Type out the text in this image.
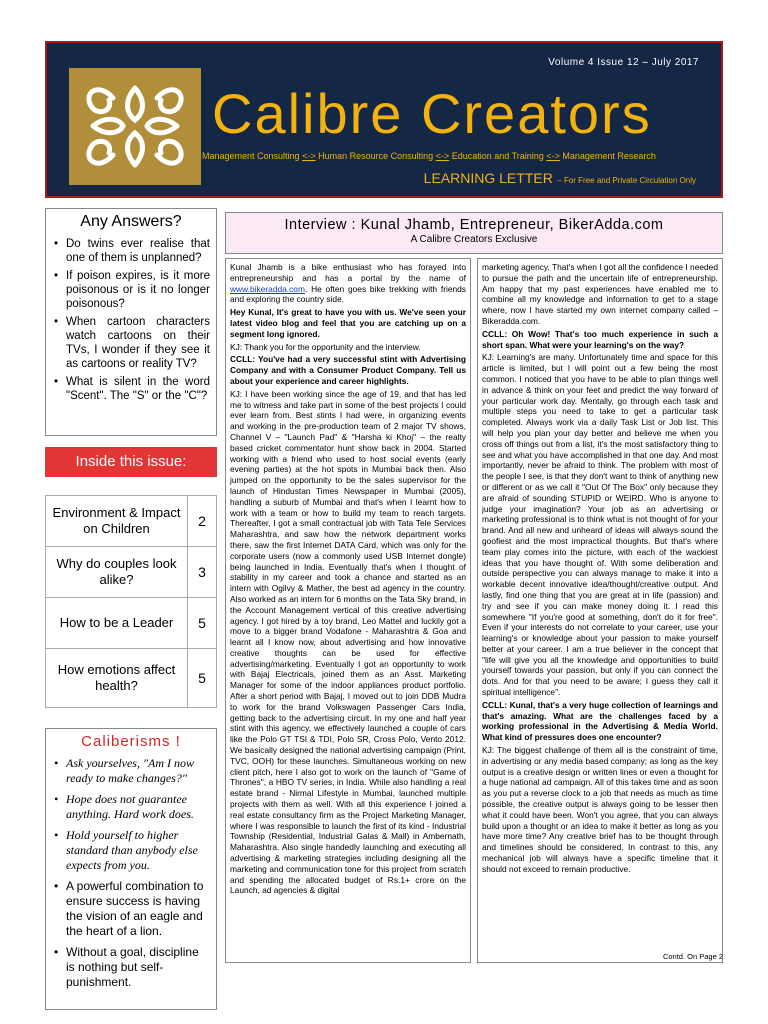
Volume 4 Issue 12 – July 2017
Calibre Creators
Management Consulting <-> Human Resource Consulting <-> Education and Training <-> Management Research
LEARNING LETTER – For Free and Private Circulation Only
Any Answers?
• Do twins ever realise that one of them is unplanned?
• If poison expires, is it more poisonous or is it no longer poisonous?
• When cartoon characters watch cartoons on their TVs, I wonder if they see it as cartoons or reality TV?
• What is silent in the word "Scent". The "S" or the "C"?
Inside this issue:
Environment & Impact on Children	2
Why do couples look alike?	3
How to be a Leader	5
How emotions affect health?	5
Caliberisms !
• Ask yourselves, "Am I now ready to make changes?"
• Hope does not guarantee anything. Hard work does.
• Hold yourself to higher standard than anybody else expects from you.
• A powerful combination to ensure success is having the vision of an eagle and the heart of a lion.
• Without a goal, discipline is nothing but self-punishment.
Interview : Kunal Jhamb, Entrepreneur, BikerAdda.com
A Calibre Creators Exclusive

Kunal Jhamb is a bike enthusiast who has forayed into entrepreneurship and has a portal by the name of www.bikeradda.com. He often goes bike trekking with friends and exploring the country side.

Hey Kunal, It's great to have you with us. We've seen your latest video blog and feel that you are catching up on a segment long ignored.

KJ: Thank you for the opportunity and the interview.

CCLL: You've had a very successful stint with Advertising Company and with a Consumer Product Company. Tell us about your experience and career highlights.

KJ: I have been working since the age of 19, and that has led me to witness and take part in some of the best projects I could ever learn from. Best stints I had were, in organizing events and working in the pre-production team of 2 major TV shows, Channel V – "Launch Pad" & "Harsha ki Khoj" – the realty based cricket commentator hunt show back in 2004. Started working with a friend who used to host social events (early evening parties) at the hot spots in Mumbai back then. Also jumped on the opportunity to be the sales supervisor for the launch of Hindustan Times Newspaper in Mumbai (2005), handling a suburb of Mumbai and that's when I learnt how to work with a team or how to build my team to reach targets. Thereafter, I got a small contractual job with Tata Tele Services Maharashtra, and saw how the network department works there, saw the first Internet DATA Card, which was only for the corporate users (now a commonly used USB Internet dongle) being launched in India. Eventually that's when I thought of stability in my career and took a chance and started as an intern with Ogilvy & Mather, the best ad agency in the country. Also worked as an intern for 6 months on the Tata Sky brand, in the Account Management vertical of this creative advertising agency. I got hired by a toy brand, Leo Mattel and luckily got a move to a bigger brand Vodafone - Maharashtra & Goa and learnt all I know now, about advertising and how innovative creative thoughts can be used for effective advertising/marketing. Eventually I got an opportunity to work with Bajaj Electricals, joined them as an Asst. Marketing Manager for some of the indoor appliances product portfolio. After a short period with Bajaj, I moved out to join DDB Mudra to work for the brand Volkswagen Passenger Cars India, getting back to the advertising circuit. In my one and half year stint with this agency, we effectively launched a couple of cars like the Polo GT TSI & TDI, Polo SR, Cross Polo, Vento 2012. We basically designed the national advertising campaign (Print, TVC, OOH) for these launches. Simultaneous working on new client pitch, here I also got to work on the launch of "Game of Thrones", a HBO TV series, in India. While also handling a real estate brand - Nirmal Lifestyle in Mumbai, launched multiple projects with them as well. With all this experience I joined a real estate consultancy firm as the Project Marketing Manager, where I was responsible to launch the first of its kind - Industrial Township (Residential, Industrial Galas & Mall) in Ambernath, Maharashtra. Also single handedly launching and executing all advertising & marketing strategies including designing all the marketing and communication tone for this project from scratch and spending the allocated budget of Rs.1+ crore on the Launch, ad agencies & digital

marketing agency. That's when I got all the confidence I needed to pursue the path and the uncertain life of entrepreneurship. Am happy that my past experiences have enabled me to combine all my knowledge and information to get to a stage where, now I have started my own internet company called – Bikeradda.com.

CCLL: Oh Wow! That's too much experience in such a short span. What were your learning's on the way?

KJ: Learning's are many. Unfortunately time and space for this article is limited, but I will point out a few being the most common. I noticed that you have to be able to plan things well in advance & think on your feet and predict the way forward of your particular work day. Mentally, go through each task and multiple steps you need to take to get a particular task completed. Always work via a daily Task List or Job list. This will help you plan your day better and believe me when you cross off things out from a list, it's the most satisfactory thing to see and what you have accomplished in that one day. And most importantly, never be afraid to think. The problem with most of the people I see, is that they don't want to think of anything new or different or as we call it "Out Of The Box" only because they are afraid of sounding STUPID or WEIRD. Who is anyone to judge your imagination? Your job as an advertising or marketing professional is to think what is not thought of for your brand. And all new and unheard of ideas will always sound the goofiest and the most impractical thoughts. But that's where team play comes into the picture, with each of the wackiest ideas that you have thought of. With some deliberation and outside perspective you can always manage to make it into a workable decent innovative idea/thought/creative output. And lastly, find one thing that you are great at in life (passion) and try and see if you can make money doing it. I read this somewhere "If you're good at something, don't do it for free". Even if your interests do not correlate to your career, use your learning's or knowledge about your passion to make yourself better at your career. I am a true believer in the concept that "life will give you all the knowledge and opportunities to build yourself towards your passion, but only if you can connect the dots. And for that you need to be aware; I guess they call it spiritual intelligence".

CCLL: Kunal, that's a very huge collection of learnings and that's amazing. What are the challenges faced by a working professional in the Advertising & Media World. What kind of pressures does one encounter?

KJ: The biggest challenge of them all is the constraint of time, in advertising or any media based company; as long as the key output is a creative design or written lines or even a thought for a huge national ad campaign. All of this takes time and as soon as you put a reverse clock to a job that needs as much as time possible, the creative output is always going to be lesser then what it could have been. Won't you agree, that you can always build upon a thought or an idea to make it better as long as you have more time? Any creative brief has to be thought through and timelines should be considered. In contrast to this, any mechanical job will always have a specific timeline that it should not exceed to remain productive.

Contd. On Page 2
